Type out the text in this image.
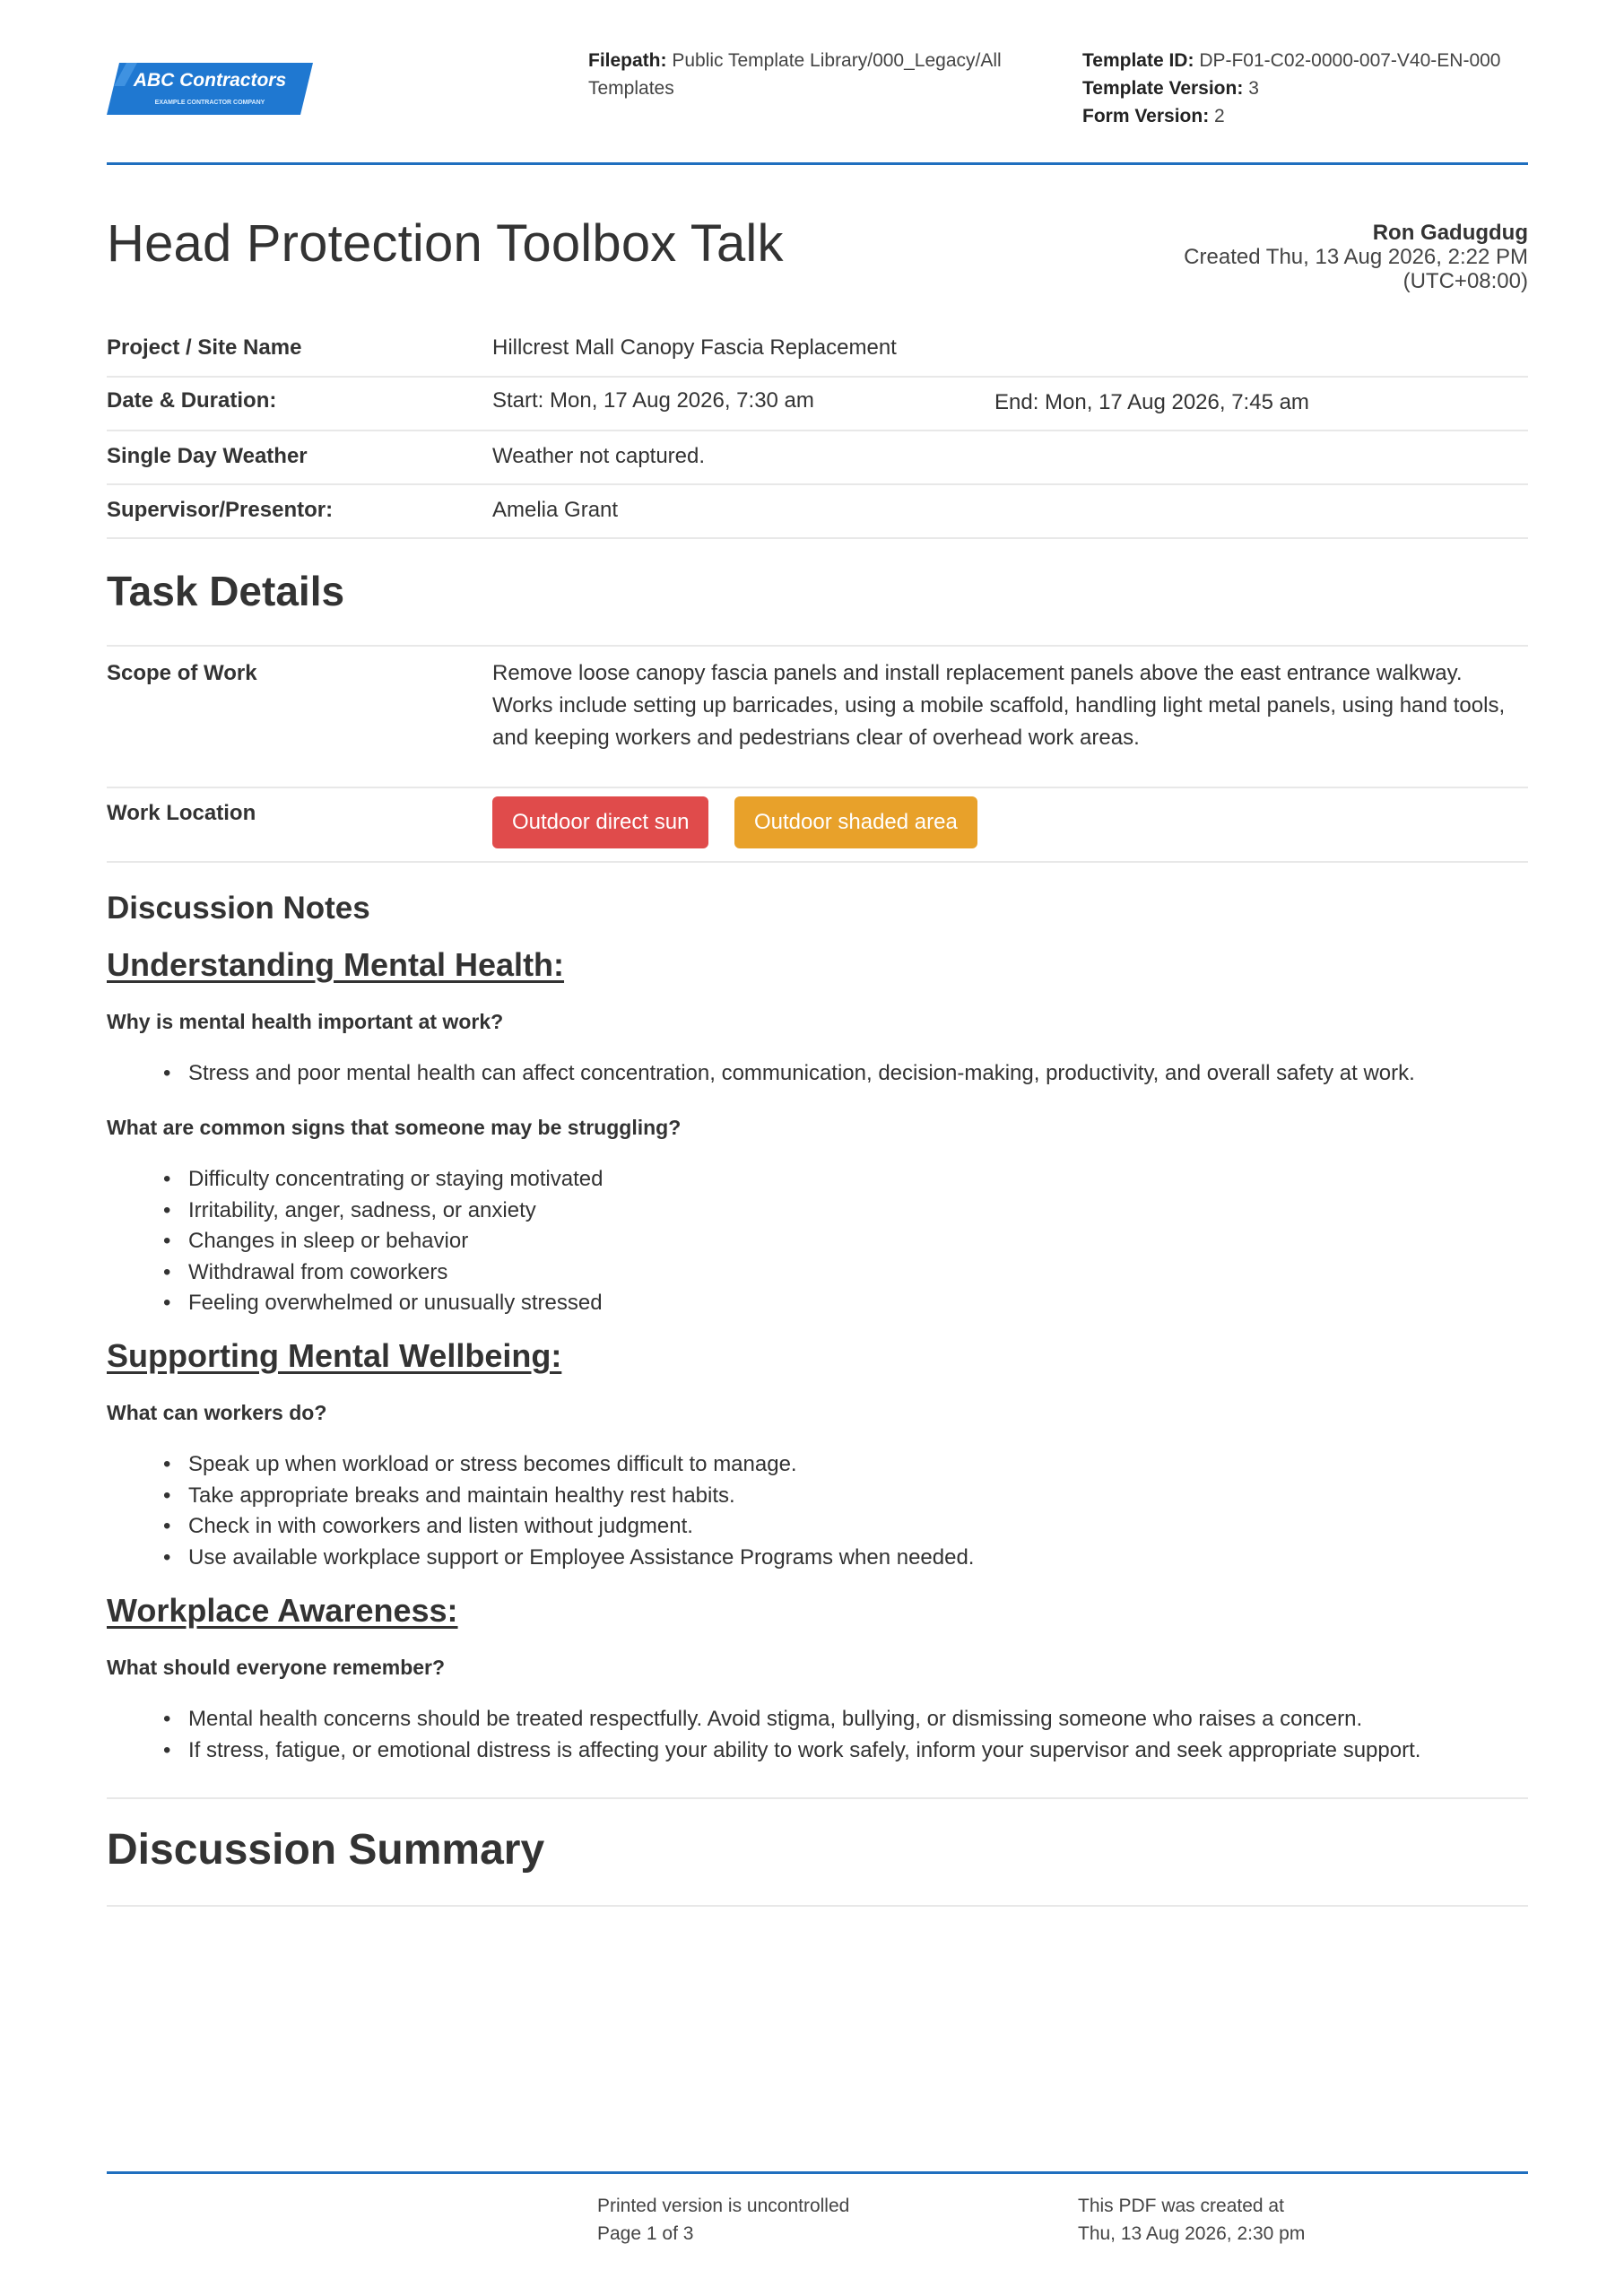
ABC Contractors
EXAMPLE CONTRACTOR COMPANY
Filepath: Public Template Library/000_Legacy/All Templates
Template ID: DP-F01-C02-0000-007-V40-EN-000
Template Version: 3
Form Version: 2
Head Protection Toolbox Talk	Ron Gadugdug
Created Thu, 13 Aug 2026, 2:22 PM
(UTC+08:00)
Project / Site Name	Hillcrest Mall Canopy Fascia Replacement
Date & Duration:	Start: Mon, 17 Aug 2026, 7:30 am	End: Mon, 17 Aug 2026, 7:45 am
Single Day Weather	Weather not captured.
Supervisor/Presentor:	Amelia Grant
Task Details
Scope of Work	Remove loose canopy fascia panels and install replacement panels above the east entrance walkway.
Works include setting up barricades, using a mobile scaffold, handling light metal panels, using hand tools,
and keeping workers and pedestrians clear of overhead work areas.
Work Location	Outdoor direct sun	Outdoor shaded area
Discussion Notes
Understanding Mental Health:

Why is mental health important at work?

• Stress and poor mental health can affect concentration, communication, decision-making, productivity, and overall safety at work.

What are common signs that someone may be struggling?

• Difficulty concentrating or staying motivated
• Irritability, anger, sadness, or anxiety
• Changes in sleep or behavior
• Withdrawal from coworkers
• Feeling overwhelmed or unusually stressed
Supporting Mental Wellbeing:

What can workers do?

• Speak up when workload or stress becomes difficult to manage.
• Take appropriate breaks and maintain healthy rest habits.
• Check in with coworkers and listen without judgment.
• Use available workplace support or Employee Assistance Programs when needed.
Workplace Awareness:

What should everyone remember?

• Mental health concerns should be treated respectfully. Avoid stigma, bullying, or dismissing someone who raises a concern.
• If stress, fatigue, or emotional distress is affecting your ability to work safely, inform your supervisor and seek appropriate support.
Discussion Summary
Printed version is uncontrolled
Page 1 of 3
This PDF was created at
Thu, 13 Aug 2026, 2:30 pm
